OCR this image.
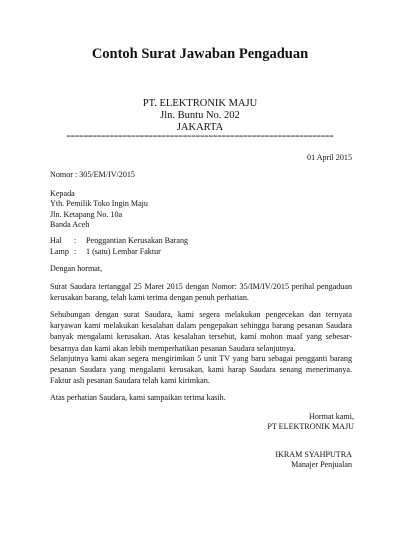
Contoh Surat Jawaban Pengaduan
PT. ELEKTRONIK MAJU
Jln. Buntu No. 202
JAKARTA
==============================================================
01 April 2015
Nomor : 305/EM/IV/2015
Kepada
Yth. Pemilik Toko Ingin Maju
Jln. Ketapang No. 10a
Banda Aceh
Hal : Penggantian Kerusakan Barang
Lamp : 1 (satu) Lembar Faktur
Dengan hormat,
Surat Saudara tertanggal 25 Maret 2015 dengan Nomor: 35/IM/IV/2015 perihal pengaduan kerusakan barang, telah kami terima dengan penuh perhatian.
Sehubungan dengan surat Saudara, kami segera melakukan pengecekan dan ternyata karyawan kami melakukan kesalahan dalam pengepakan sehingga barang pesanan Saudara banyak mengalami kerusakan. Atas kesalahan tersebut, kami mohon maaf yang sebesar-besarnya dan kami akan lebih memperhatikan pesanan Saudara selanjutnya.
Selanjutnya kami akan segera mengirimkan 5 unit TV yang baru sebagai pengganti barang pesanan Saudara yang mengalami kerusakan, kami harap Saudara senang menerimanya. Faktur asli pesanan Saudara telah kami kirimkan.
Atas perhatian Saudara, kami sampaikan terima kasih.
Hormat kami,
PT ELEKTRONIK MAJU
IKRAM SYAHPUTRA
Manajer Penjualan
